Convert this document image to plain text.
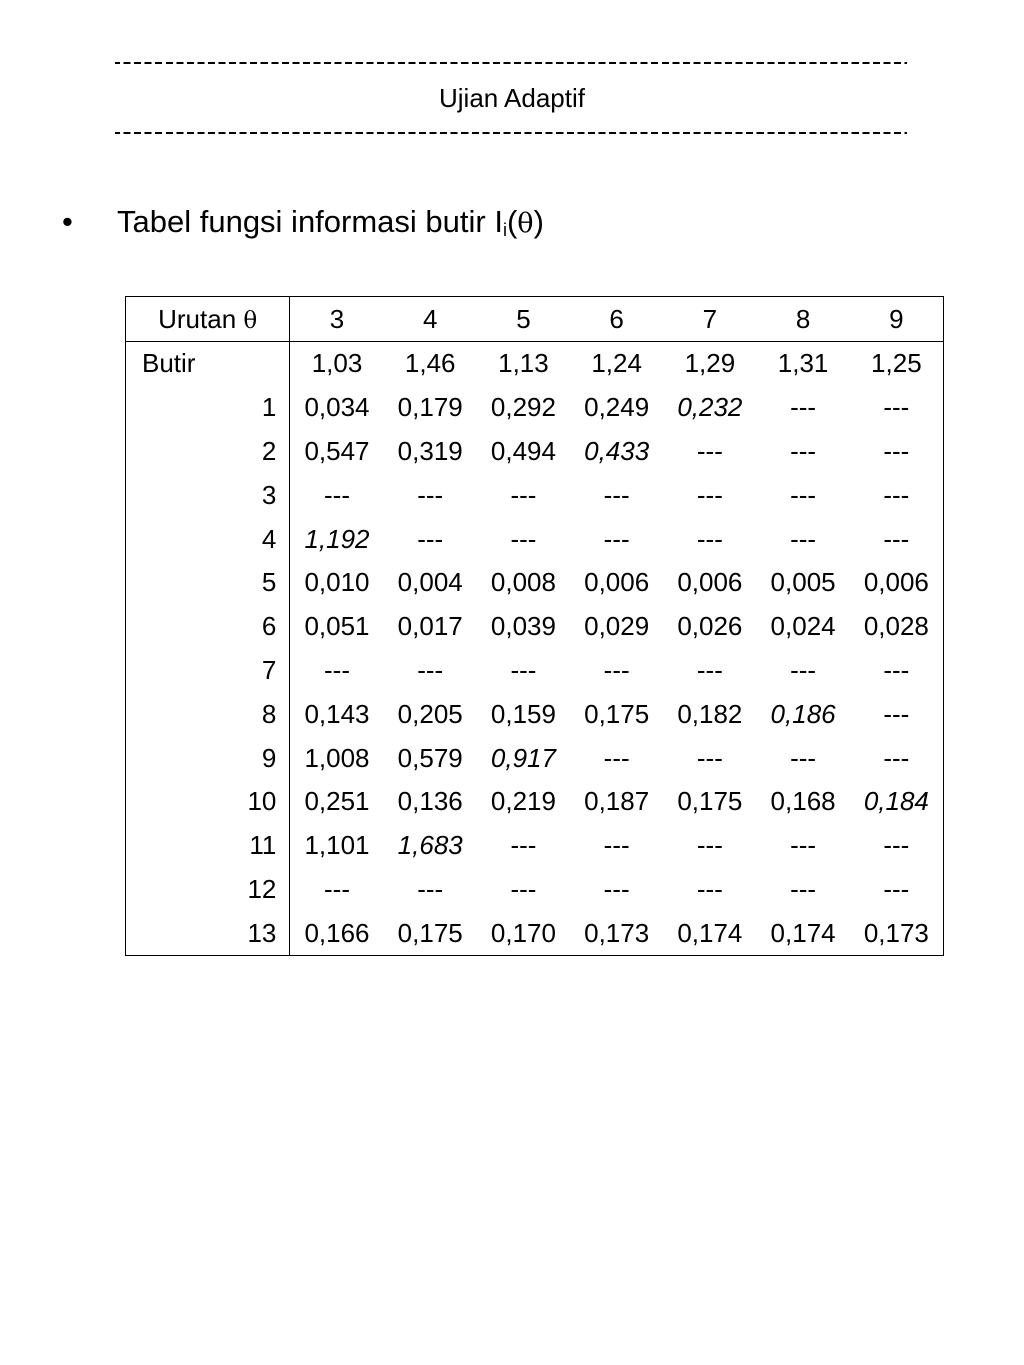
Ujian Adaptif
•	Tabel fungsi informasi butir $I_i(\theta)$
Urutan θ	3	4	5	6	7	8	9
Butir	1,03	1,46	1,13	1,24	1,29	1,31	1,25
1	0,034	0,179	0,292	0,249	0,232	---	---
2	0,547	0,319	0,494	0,433	---	---	---
3	---	---	---	---	---	---	---
4	1,192	---	---	---	---	---	---
5	0,010	0,004	0,008	0,006	0,006	0,005	0,006
6	0,051	0,017	0,039	0,029	0,026	0,024	0,028
7	---	---	---	---	---	---	---
8	0,143	0,205	0,159	0,175	0,182	0,186	---
9	1,008	0,579	0,917	---	---	---	---
10	0,251	0,136	0,219	0,187	0,175	0,168	0,184
11	1,101	1,683	---	---	---	---	---
12	---	---	---	---	---	---	---
13	0,166	0,175	0,170	0,173	0,174	0,174	0,173
